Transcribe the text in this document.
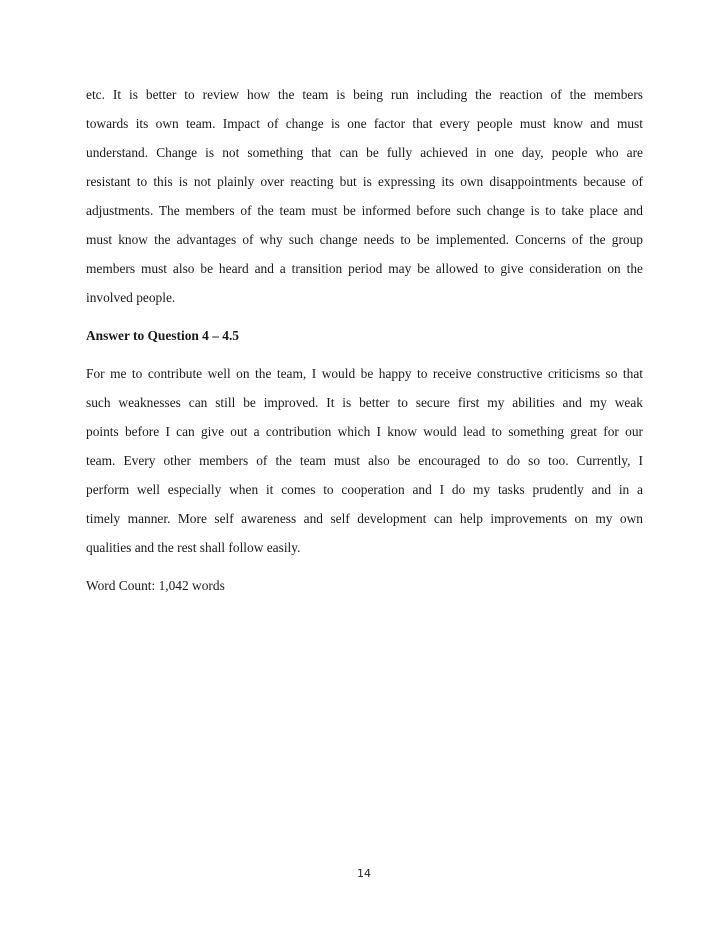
etc. It is better to review how the team is being run including the reaction of the members
towards its own team. Impact of change is one factor that every people must know and must
understand. Change is not something that can be fully achieved in one day, people who are
resistant to this is not plainly over reacting but is expressing its own disappointments because of
adjustments. The members of the team must be informed before such change is to take place and
must know the advantages of why such change needs to be implemented. Concerns of the group
members must also be heard and a transition period may be allowed to give consideration on the
involved people.
Answer to Question 4 – 4.5
For me to contribute well on the team, I would be happy to receive constructive criticisms so that
such weaknesses can still be improved. It is better to secure first my abilities and my weak
points before I can give out a contribution which I know would lead to something great for our
team. Every other members of the team must also be encouraged to do so too. Currently, I
perform well especially when it comes to cooperation and I do my tasks prudently and in a
timely manner. More self awareness and self development can help improvements on my own
qualities and the rest shall follow easily.
Word Count: 1,042 words
14
